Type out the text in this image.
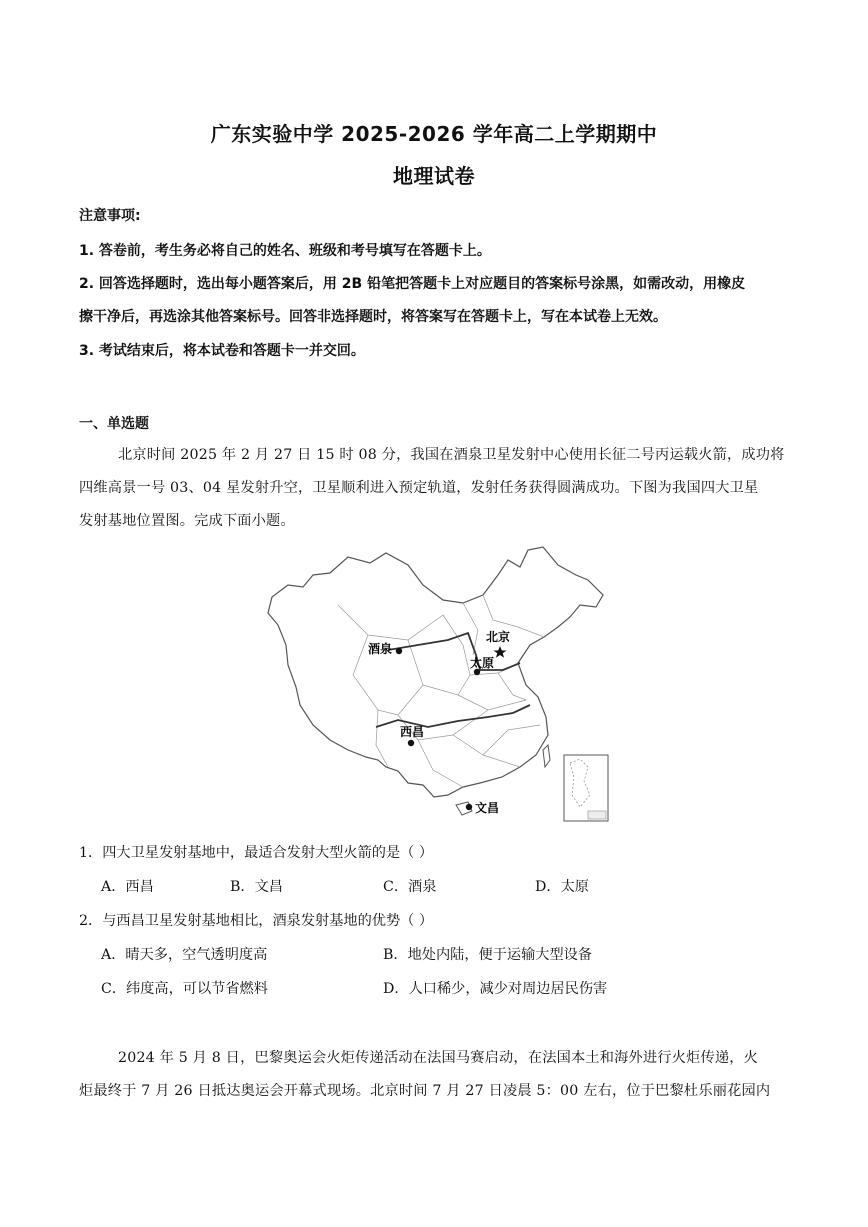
广东实验中学 2025-2026 学年高二上学期期中
地理试卷
注意事项:
1. 答卷前，考生务必将自己的姓名、班级和考号填写在答题卡上。
2. 回答选择题时，选出每小题答案后，用 2B 铅笔把答题卡上对应题目的答案标号涂黑，如需改动，用橡皮
擦干净后，再选涂其他答案标号。回答非选择题时，将答案写在答题卡上，写在本试卷上无效。
3. 考试结束后，将本试卷和答题卡一并交回。
一、单选题
北京时间 2025 年 2 月 27 日 15 时 08 分，我国在酒泉卫星发射中心使用长征二号丙运载火箭，成功将
四维高景一号 03、04 星发射升空，卫星顺利进入预定轨道，发射任务获得圆满成功。下图为我国四大卫星
发射基地位置图。完成下面小题。
北京
太原
酒泉
西昌
文昌
1．四大卫星发射基地中，最适合发射大型火箭的是（ ）
A．西昌	B．文昌	C．酒泉	D．太原
2．与西昌卫星发射基地相比，酒泉发射基地的优势（ ）
A．晴天多，空气透明度高	B．地处内陆，便于运输大型设备
C．纬度高，可以节省燃料	D．人口稀少，减少对周边居民伤害
2024 年 5 月 8 日，巴黎奥运会火炬传递活动在法国马赛启动，在法国本土和海外进行火炬传递，火
炬最终于 7 月 26 日抵达奥运会开幕式现场。北京时间 7 月 27 日凌晨 5：00 左右，位于巴黎杜乐丽花园内
